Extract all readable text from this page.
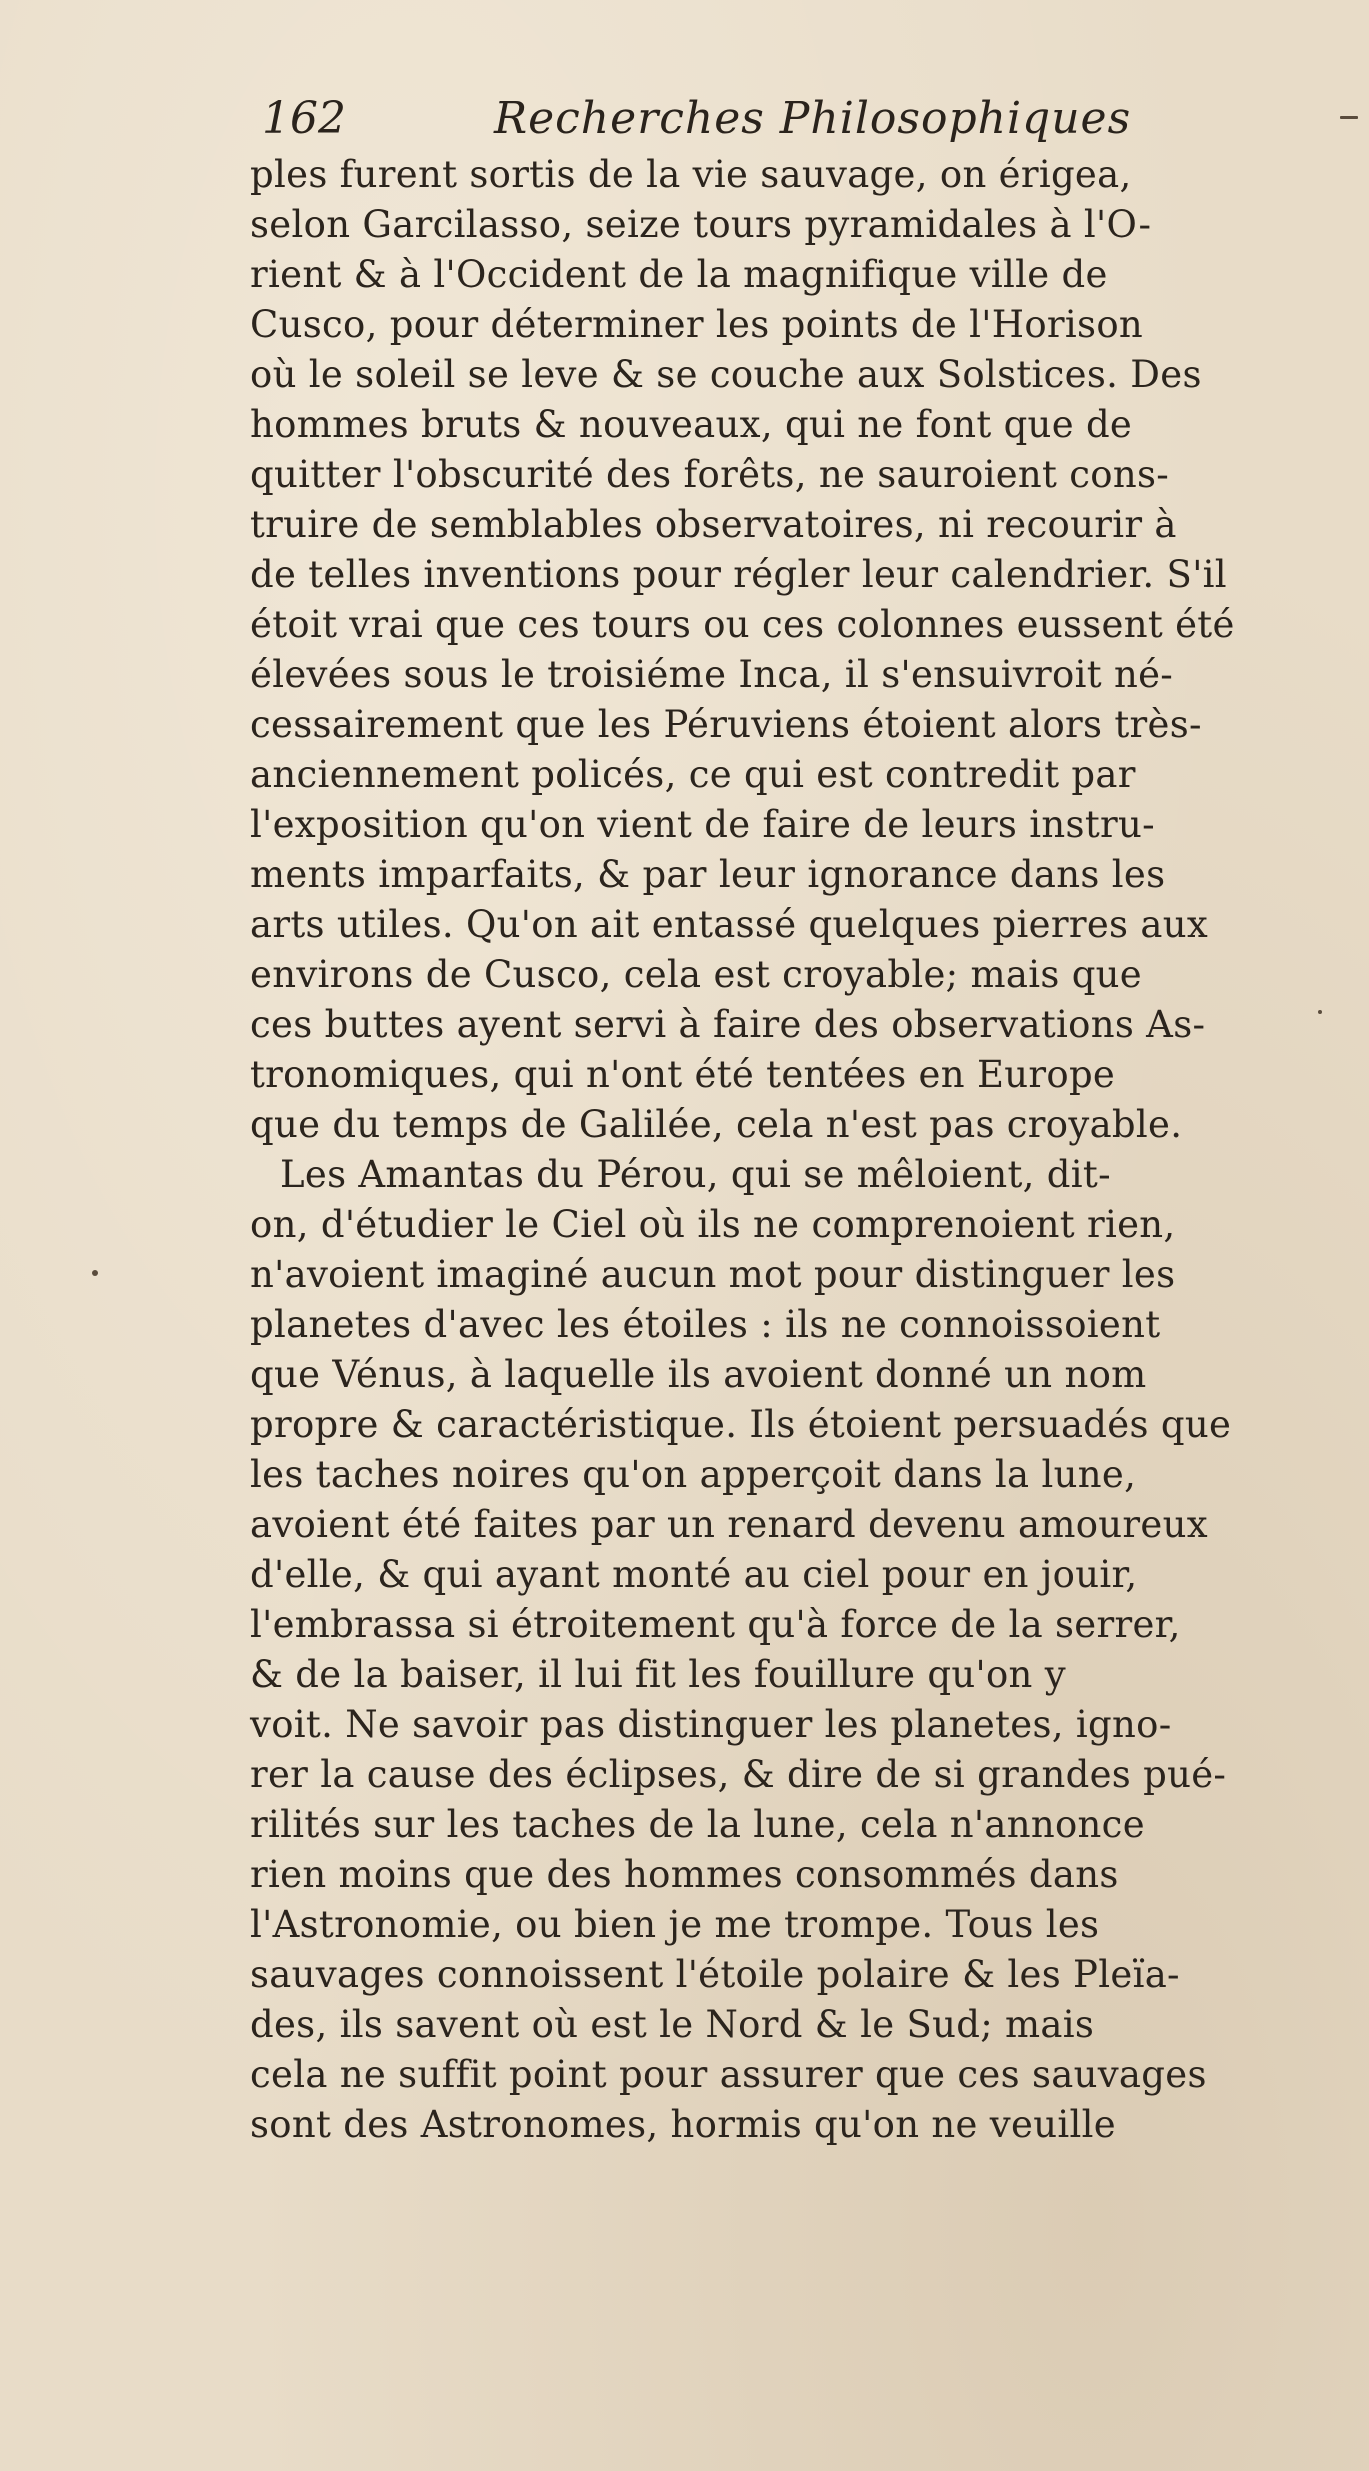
162	Recherches Philosophiques
ples furent sortis de la vie sauvage, on érigea,
selon Garcilasso, seize tours pyramidales à l'O-
rient & à l'Occident de la magnifique ville de
Cusco, pour déterminer les points de l'Horison
où le soleil se leve & se couche aux Solstices. Des
hommes bruts & nouveaux, qui ne font que de
quitter l'obscurité des forêts, ne sauroient cons-
truire de semblables observatoires, ni recourir à
de telles inventions pour régler leur calendrier. S'il
étoit vrai que ces tours ou ces colonnes eussent été
élevées sous le troisiéme Inca, il s'ensuivroit né-
cessairement que les Péruviens étoient alors très-
anciennement policés, ce qui est contredit par
l'exposition qu'on vient de faire de leurs instru-
ments imparfaits, & par leur ignorance dans les
arts utiles. Qu'on ait entassé quelques pierres aux
environs de Cusco, cela est croyable; mais que
ces buttes ayent servi à faire des observations As-
tronomiques, qui n'ont été tentées en Europe
que du temps de Galilée, cela n'est pas croyable.
Les Amantas du Pérou, qui se mêloient, dit-
on, d'étudier le Ciel où ils ne comprenoient rien,
n'avoient imaginé aucun mot pour distinguer les
planetes d'avec les étoiles : ils ne connoissoient
que Vénus, à laquelle ils avoient donné un nom
propre & caractéristique. Ils étoient persuadés que
les taches noires qu'on apperçoit dans la lune,
avoient été faites par un renard devenu amoureux
d'elle, & qui ayant monté au ciel pour en jouir,
l'embrassa si étroitement qu'à force de la serrer,
& de la baiser, il lui fit les fouillure qu'on y
voit. Ne savoir pas distinguer les planetes, igno-
rer la cause des éclipses, & dire de si grandes pué-
rilités sur les taches de la lune, cela n'annonce
rien moins que des hommes consommés dans
l'Astronomie, ou bien je me trompe. Tous les
sauvages connoissent l'étoile polaire & les Pleïa-
des, ils savent où est le Nord & le Sud; mais
cela ne suffit point pour assurer que ces sauvages
sont des Astronomes, hormis qu'on ne veuille
